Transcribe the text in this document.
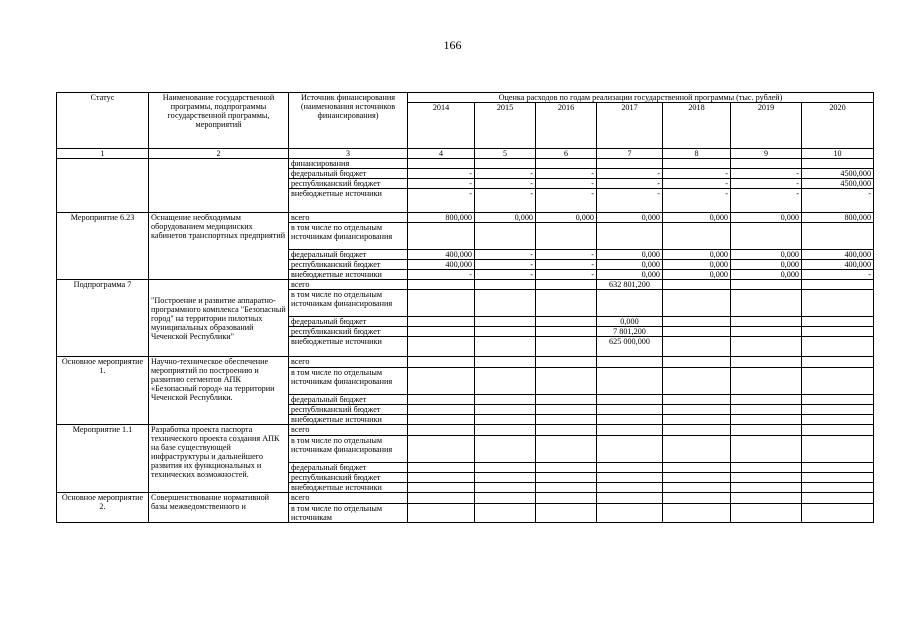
166
Статус	Наименование государственной программы, подпрограммы государственной программы, мероприятий	Источник финансирования (наименования источников финансирования)	Оценка расходов по годам реализации государственной программы (тыс. рублей)						
			2014	2015	2016	2017	2018	2019	2020
1	2	3	4	5	6	7	8	9	10
		финансирования							
		федеральный бюджет	-	-	-	-	-	-	4500,000
		республиканский бюджет	-	-	-	-	-	-	4500,000
		внебюджетные источники	-	-	-	-	-	-	-
Мероприятие 6.23	Оснащение необходимым оборудованием медицинских кабинетов транспортных предприятий	всего	800,000	0,000	0,000	0,000	0,000	0,000	800,000
		в том числе по отдельным источникам финансирования							
		федеральный бюджет	400,000	-	-	0,000	0,000	0,000	400,000
		республиканский бюджет	400,000	-	-	0,000	0,000	0,000	400,000
		внебюджетные источники	-	-	-	0,000	0,000	0,000	-
Подпрограмма 7	"Построение и развитие аппаратно-программного комплекса "Безопасный город" на территории пилотных муниципальных образований Чеченской Республики"	всего				632 801,200			
		в том числе по отдельным источникам финансирования							
		федеральный бюджет				0,000			
		республиканский бюджет				7 801,200			
		внебюджетные источники				625 000,000			
Основное мероприятие 1.	Научно-техническое обеспечение мероприятий по построению и развитию сегментов АПК «Безопасный город» на территории Чеченской Республики.	всего							
		в том числе по отдельным источникам финансирования							
		федеральный бюджет							
		республиканский бюджет							
		внебюджетные источники							
Мероприятие 1.1	Разработка проекта паспорта технического проекта создания АПК на базе существующей инфраструктуры и дальнейшего развития их функциональных и технических возможностей.	всего							
		в том числе по отдельным источникам финансирования							
		федеральный бюджет							
		республиканский бюджет							
		внебюджетные источники							
Основное мероприятие 2.	Совершенствование нормативной базы межведомственного и	всего							
		в том числе по отдельным источникам							
